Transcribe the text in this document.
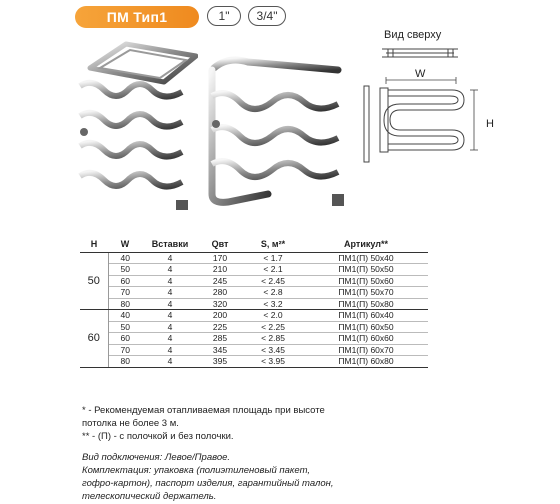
ПМ Тип1	1" 3/4"
Вид сверху
W
H
H	W	Вставки	Qвт	S, м²*	Артикул**
50	40	4	170	< 1.7	ПМ1(П) 50x40
	50	4	210	< 2.1	ПМ1(П) 50x50
	60	4	245	< 2.45	ПМ1(П) 50x60
	70	4	280	< 2.8	ПМ1(П) 50x70
	80	4	320	< 3.2	ПМ1(П) 50x80
60	40	4	200	< 2.0	ПМ1(П) 60x40
	50	4	225	< 2.25	ПМ1(П) 60x50
	60	4	285	< 2.85	ПМ1(П) 60x60
	70	4	345	< 3.45	ПМ1(П) 60x70
	80	4	395	< 3.95	ПМ1(П) 60x80
* - Рекомендуемая отапливаемая площадь при высоте
потолка не более 3 м.
** - (П) - с полочкой и без полочки.
Вид подключения: Левое/Правое.
Комплектация: упаковка (полиэтиленовый пакет,
гофро-картон), паспорт изделия, гарантийный талон,
телескопический держатель.
